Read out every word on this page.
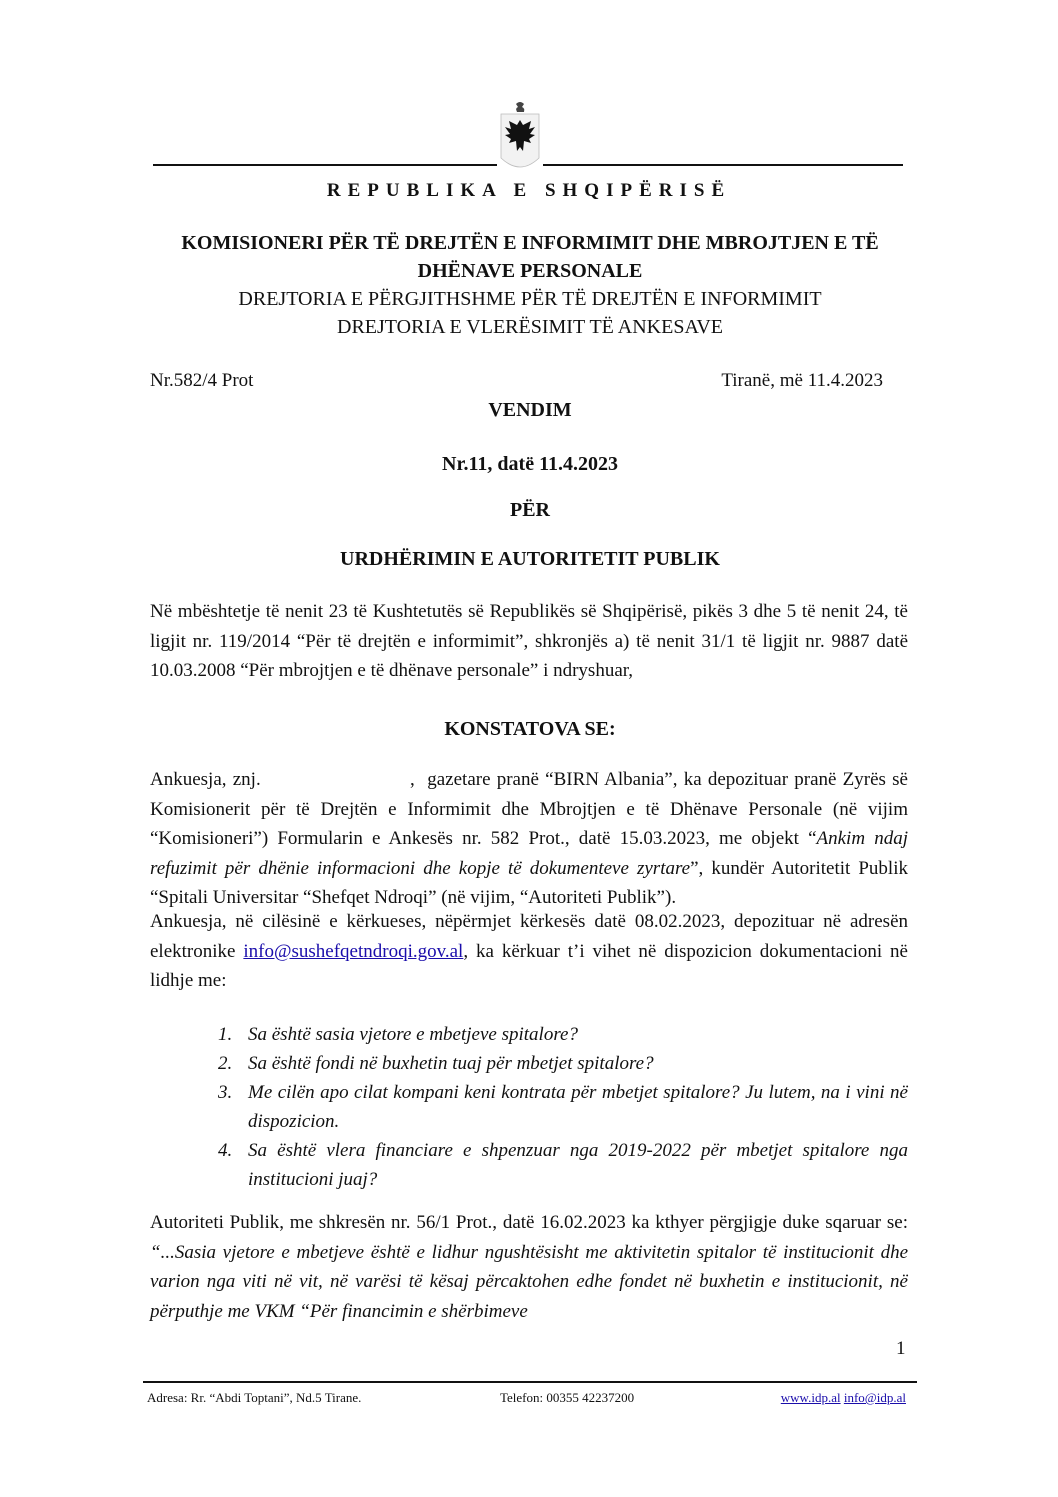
REPUBLIKA E SHQIPËRISË
KOMISIONERI PËR TË DREJTËN E INFORMIMIT DHE MBROJTJEN E TË
DHËNAVE PERSONALE
DREJTORIA E PËRGJITHSHME PËR TË DREJTËN E INFORMIMIT
DREJTORIA E VLERËSIMIT TË ANKESAVE
Nr.582/4 Prot	Tiranë, më 11.4.2023
VENDIM
Nr.11, datë 11.4.2023
PËR
URDHËRIMIN E AUTORITETIT PUBLIK
Në mbështetje të nenit 23 të Kushtetutës së Republikës së Shqipërisë, pikës 3 dhe 5 të nenit 24, të ligjit nr. 119/2014 “Për të drejtën e informimit”, shkronjës a) të nenit 31/1 të ligjit nr. 9887 datë 10.03.2008 “Për mbrojtjen e të dhënave personale” i ndryshuar,
KONSTATOVA SE:
Ankuesja, znj.                        ,  gazetare pranë “BIRN Albania”, ka depozituar pranë Zyrës së Komisionerit për të Drejtën e Informimit dhe Mbrojtjen e të Dhënave Personale (në vijim “Komisioneri”) Formularin e Ankesës nr. 582 Prot., datë 15.03.2023, me objekt “Ankim ndaj refuzimit për dhënie informacioni dhe kopje të dokumenteve zyrtare”, kundër Autoritetit Publik “Spitali Universitar “Shefqet Ndroqi” (në vijim, “Autoriteti Publik”).
Ankuesja, në cilësinë e kërkueses, nëpërmjet kërkesës datë 08.02.2023, depozituar në adresën elektronike info@sushefqetndroqi.gov.al, ka kërkuar t’i vihet në dispozicion dokumentacioni në lidhje me:
1. Sa është sasia vjetore e mbetjeve spitalore?
2. Sa është fondi në buxhetin tuaj për mbetjet spitalore?
3. Me cilën apo cilat kompani keni kontrata për mbetjet spitalore? Ju lutem, na i vini në dispozicion.
4. Sa është vlera financiare e shpenzuar nga 2019-2022 për mbetjet spitalore nga institucioni juaj?
Autoriteti Publik, me shkresën nr. 56/1 Prot., datë 16.02.2023 ka kthyer përgjigje duke sqaruar se: “...Sasia vjetore e mbetjeve është e lidhur ngushtësisht me aktivitetin spitalor të institucionit dhe varion nga viti në vit, në varësi të kësaj përcaktohen edhe fondet në buxhetin e institucionit, në përputhje me VKM “Për financimin e shërbimeve
1
Adresa: Rr. “Abdi Toptani”, Nd.5 Tirane.	Telefon: 00355 42237200	www.idp.al info@idp.al
